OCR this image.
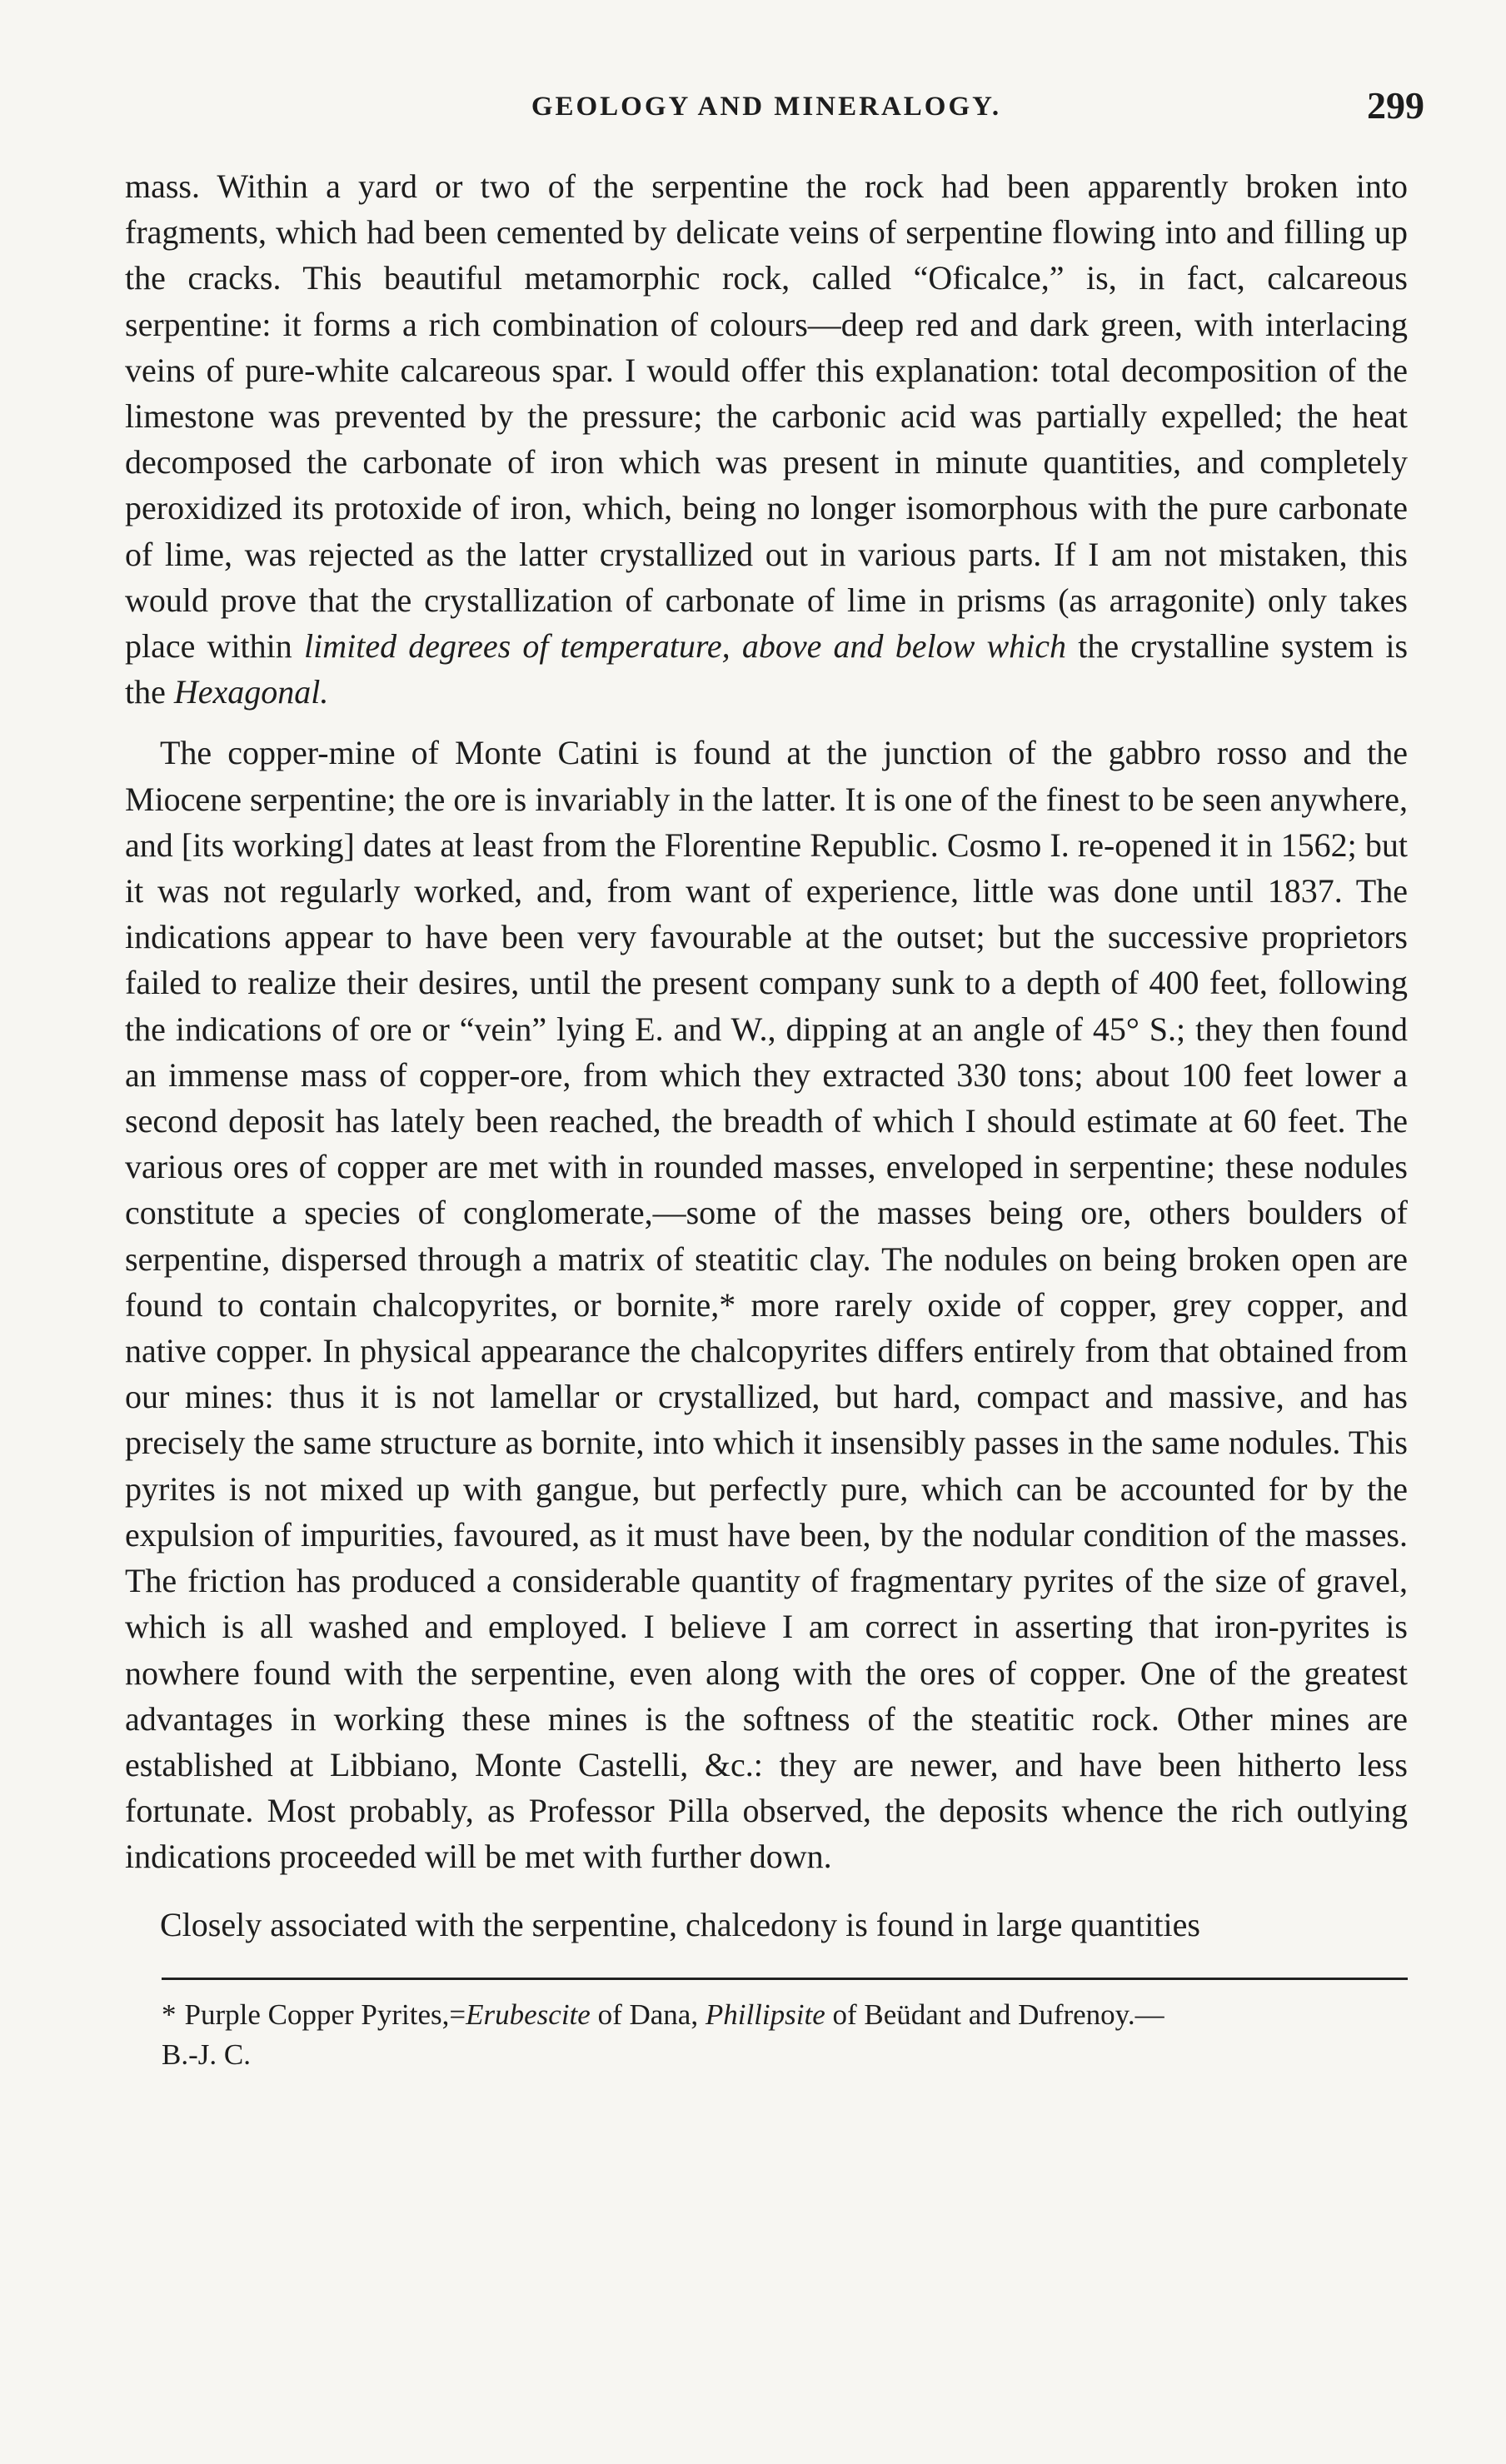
GEOLOGY AND MINERALOGY.	299

mass. Within a yard or two of the serpentine the rock had been apparently broken into fragments, which had been cemented by delicate veins of serpentine flowing into and filling up the cracks. This beautiful metamorphic rock, called “Oficalce,” is, in fact, calcareous serpentine: it forms a rich combination of colours—deep red and dark green, with interlacing veins of pure-white calcareous spar. I would offer this explanation: total decomposition of the limestone was prevented by the pressure; the carbonic acid was partially expelled; the heat decomposed the carbonate of iron which was present in minute quantities, and completely peroxidized its protoxide of iron, which, being no longer isomorphous with the pure carbonate of lime, was rejected as the latter crystallized out in various parts. If I am not mistaken, this would prove that the crystallization of carbonate of lime in prisms (as arragonite) only takes place within limited degrees of temperature, above and below which the crystalline system is the Hexagonal.

The copper-mine of Monte Catini is found at the junction of the gabbro rosso and the Miocene serpentine; the ore is invariably in the latter. It is one of the finest to be seen anywhere, and [its working] dates at least from the Florentine Republic. Cosmo I. re-opened it in 1562; but it was not regularly worked, and, from want of experience, little was done until 1837. The indications appear to have been very favourable at the outset; but the successive proprietors failed to realize their desires, until the present company sunk to a depth of 400 feet, following the indications of ore or “vein” lying E. and W., dipping at an angle of 45° S.; they then found an immense mass of copper-ore, from which they extracted 330 tons; about 100 feet lower a second deposit has lately been reached, the breadth of which I should estimate at 60 feet. The various ores of copper are met with in rounded masses, enveloped in serpentine; these nodules constitute a species of conglomerate,—some of the masses being ore, others boulders of serpentine, dispersed through a matrix of steatitic clay. The nodules on being broken open are found to contain chalcopyrites, or bornite,* more rarely oxide of copper, grey copper, and native copper. In physical appearance the chalcopyrites differs entirely from that obtained from our mines: thus it is not lamellar or crystallized, but hard, compact and massive, and has precisely the same structure as bornite, into which it insensibly passes in the same nodules. This pyrites is not mixed up with gangue, but perfectly pure, which can be accounted for by the expulsion of impurities, favoured, as it must have been, by the nodular condition of the masses. The friction has produced a considerable quantity of fragmentary pyrites of the size of gravel, which is all washed and employed. I believe I am correct in asserting that iron-pyrites is nowhere found with the serpentine, even along with the ores of copper. One of the greatest advantages in working these mines is the softness of the steatitic rock. Other mines are established at Libbiano, Monte Castelli, &c.: they are newer, and have been hitherto less fortunate. Most probably, as Professor Pilla observed, the deposits whence the rich outlying indications proceeded will be met with further down.

Closely associated with the serpentine, chalcedony is found in large quantities

* Purple Copper Pyrites,=Erubescite of Dana, Phillipsite of Beüdant and Dufrenoy.—
B.-J. C.
